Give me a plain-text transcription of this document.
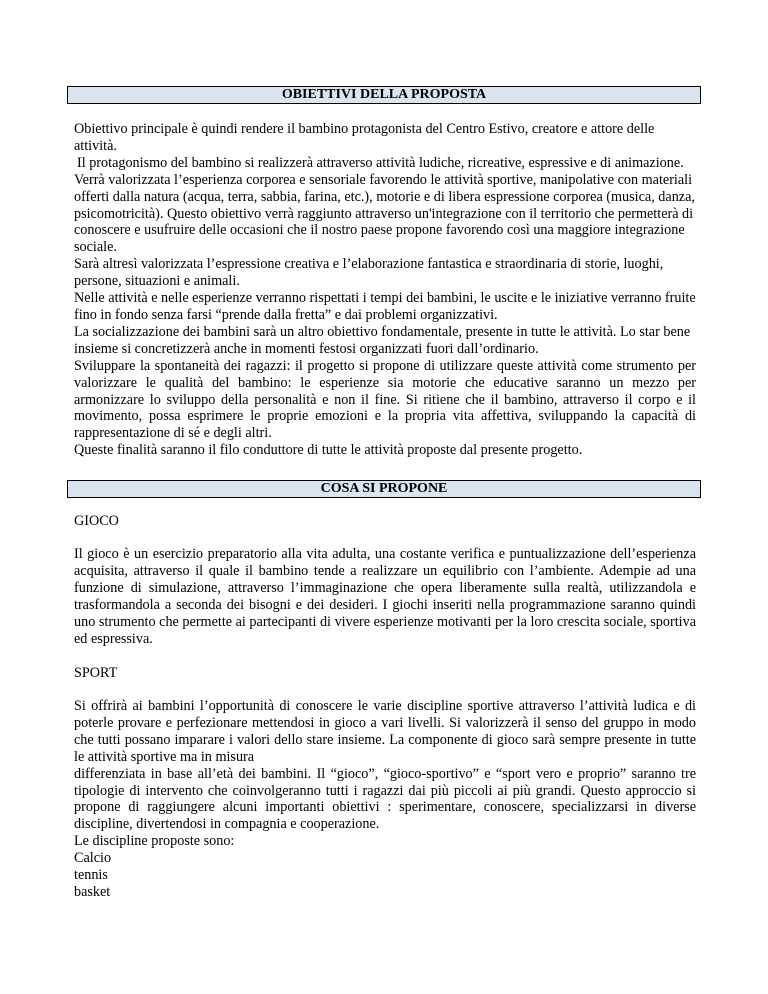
OBIETTIVI DELLA PROPOSTA

Obiettivo principale è quindi rendere il bambino protagonista del Centro Estivo, creatore e attore delle attività.

Il protagonismo del bambino si realizzerà attraverso attività ludiche, ricreative, espressive e di animazione. Verrà valorizzata l’esperienza corporea e sensoriale favorendo le attività sportive, manipolative con materiali offerti dalla natura (acqua, terra, sabbia, farina, etc.), motorie e di libera espressione corporea (musica, danza, psicomotricità). Questo obiettivo verrà raggiunto attraverso un'integrazione con il territorio che permetterà di conoscere e usufruire delle occasioni che il nostro paese propone favorendo così una maggiore integrazione sociale.

Sarà altresì valorizzata l’espressione creativa e l’elaborazione fantastica e straordinaria di storie, luoghi, persone, situazioni e animali.

Nelle attività e nelle esperienze verranno rispettati i tempi dei bambini, le uscite e le iniziative verranno fruite fino in fondo senza farsi “prende dalla fretta” e dai problemi organizzativi.

La socializzazione dei bambini sarà un altro obiettivo fondamentale, presente in tutte le attività. Lo star bene insieme si concretizzerà anche in momenti festosi organizzati fuori dall’ordinario.

Sviluppare la spontaneità dei ragazzi: il progetto si propone di utilizzare queste attività come strumento per valorizzare le qualità del bambino: le esperienze sia motorie che educative saranno un mezzo per armonizzare lo sviluppo della personalità e non il fine. Si ritiene che il bambino, attraverso il corpo e il movimento, possa esprimere le proprie emozioni e la propria vita affettiva, sviluppando la capacità di rappresentazione di sé e degli altri.

Queste finalità saranno il filo conduttore di tutte le attività proposte dal presente progetto.

COSA SI PROPONE
GIOCO

Il gioco è un esercizio preparatorio alla vita adulta, una costante verifica e puntualizzazione dell’esperienza acquisita, attraverso il quale il bambino tende a realizzare un equilibrio con l’ambiente. Adempie ad una funzione di simulazione, attraverso l’immaginazione che opera liberamente sulla realtà, utilizzandola e trasformandola a seconda dei bisogni e dei desideri. I giochi inseriti nella programmazione saranno quindi uno strumento che permette ai partecipanti di vivere esperienze motivanti per la loro crescita sociale, sportiva ed espressiva.

SPORT

Si offrirà ai bambini l’opportunità di conoscere le varie discipline sportive attraverso l’attività ludica e di poterle provare e perfezionare mettendosi in gioco a vari livelli. Si valorizzerà il senso del gruppo in modo che tutti possano imparare i valori dello stare insieme. La componente di gioco sarà sempre presente in tutte le attività sportive ma in misura

differenziata in base all’età dei bambini. Il “gioco”, “gioco-sportivo” e “sport vero e proprio” saranno tre tipologie di intervento che coinvolgeranno tutti i ragazzi dai più piccoli ai più grandi. Questo approccio si propone di raggiungere alcuni importanti obiettivi : sperimentare, conoscere, specializzarsi in diverse discipline, divertendosi in compagnia e cooperazione.

Le discipline proposte sono:

Calcio

tennis

basket
